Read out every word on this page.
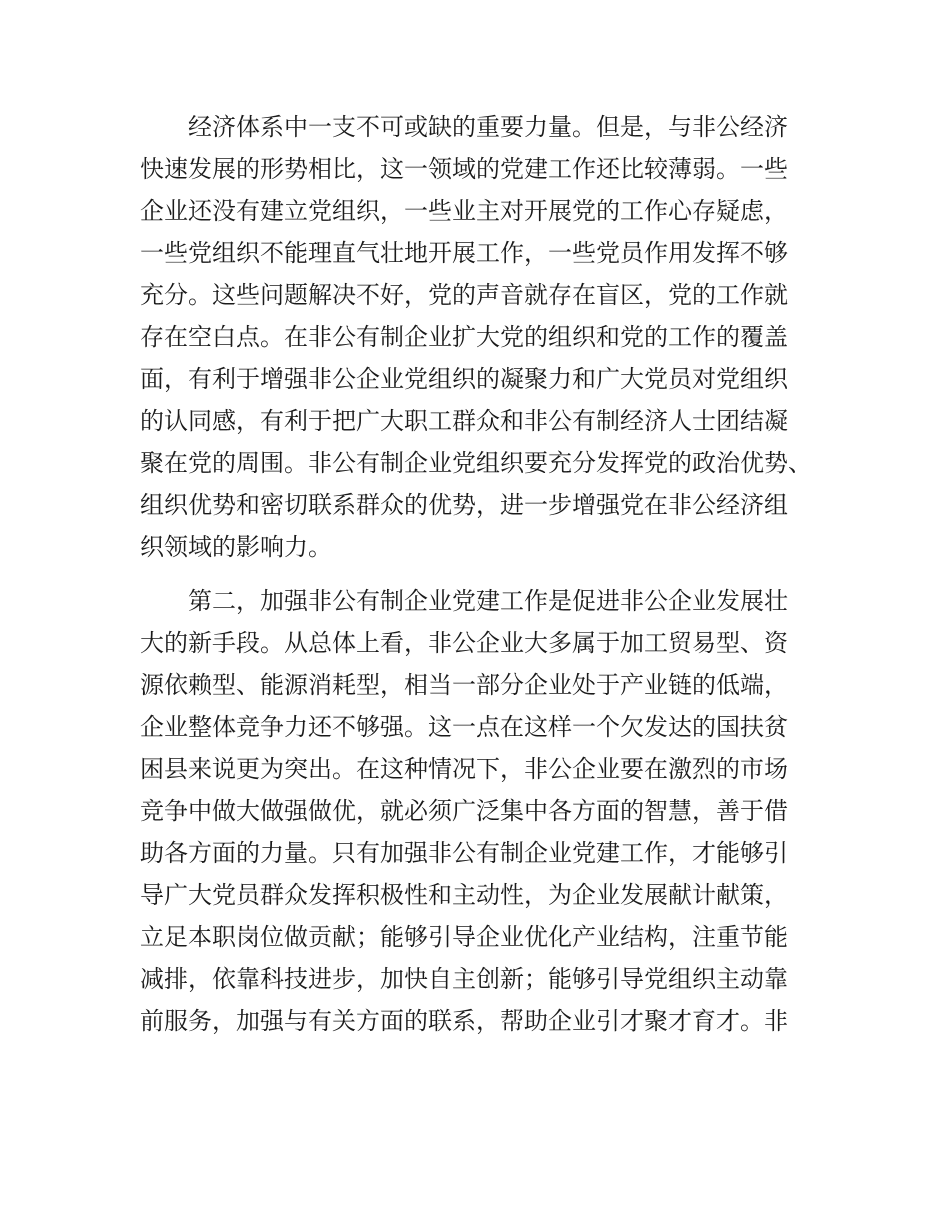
经济体系中一支不可或缺的重要力量。但是，与非公经济
快速发展的形势相比，这一领域的党建工作还比较薄弱。一些
企业还没有建立党组织，一些业主对开展党的工作心存疑虑，
一些党组织不能理直气壮地开展工作，一些党员作用发挥不够
充分。这些问题解决不好，党的声音就存在盲区，党的工作就
存在空白点。在非公有制企业扩大党的组织和党的工作的覆盖
面，有利于增强非公企业党组织的凝聚力和广大党员对党组织
的认同感，有利于把广大职工群众和非公有制经济人士团结凝
聚在党的周围。非公有制企业党组织要充分发挥党的政治优势、
组织优势和密切联系群众的优势，进一步增强党在非公经济组
织领域的影响力。
第二，加强非公有制企业党建工作是促进非公企业发展壮
大的新手段。从总体上看，非公企业大多属于加工贸易型、资
源依赖型、能源消耗型，相当一部分企业处于产业链的低端，
企业整体竞争力还不够强。这一点在这样一个欠发达的国扶贫
困县来说更为突出。在这种情况下，非公企业要在激烈的市场
竞争中做大做强做优，就必须广泛集中各方面的智慧，善于借
助各方面的力量。只有加强非公有制企业党建工作，才能够引
导广大党员群众发挥积极性和主动性，为企业发展献计献策，
立足本职岗位做贡献；能够引导企业优化产业结构，注重节能
减排，依靠科技进步，加快自主创新；能够引导党组织主动靠
前服务，加强与有关方面的联系，帮助企业引才聚才育才。非
